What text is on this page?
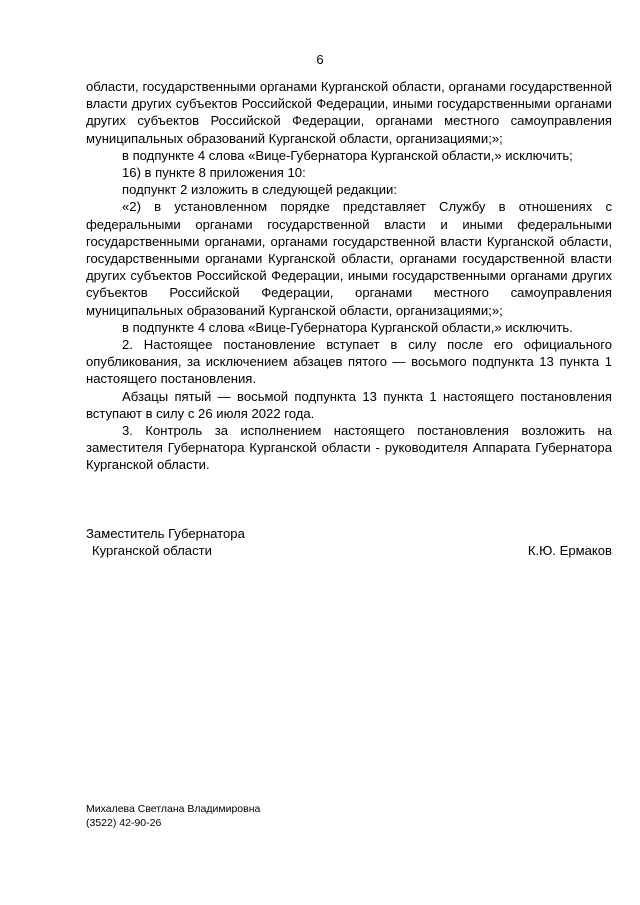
6

области, государственными органами Курганской области, органами государственной власти других субъектов Российской Федерации, иными государственными органами других субъектов Российской Федерации, органами местного самоуправления муниципальных образований Курганской области, организациями;»;

в подпункте 4 слова «Вице-Губернатора Курганской области,» исключить;

16) в пункте 8 приложения 10:

подпункт 2 изложить в следующей редакции:

«2) в установленном порядке представляет Службу в отношениях с федеральными органами государственной власти и иными федеральными государственными органами, органами государственной власти Курганской области, государственными органами Курганской области, органами государственной власти других субъектов Российской Федерации, иными государственными органами других субъектов Российской Федерации, органами местного самоуправления муниципальных образований Курганской области, организациями;»;

в подпункте 4 слова «Вице-Губернатора Курганской области,» исключить.

2. Настоящее постановление вступает в силу после его официального опубликования, за исключением абзацев пятого — восьмого подпункта 13 пункта 1 настоящего постановления.

Абзацы пятый — восьмой подпункта 13 пункта 1 настоящего постановления вступают в силу с 26 июля 2022 года.

3. Контроль за исполнением настоящего постановления возложить на заместителя Губернатора Курганской области - руководителя Аппарата Губернатора Курганской области.

Заместитель Губернатора
Курганской области	К.Ю. Ермаков
Михалева Светлана Владимировна
(3522) 42-90-26
